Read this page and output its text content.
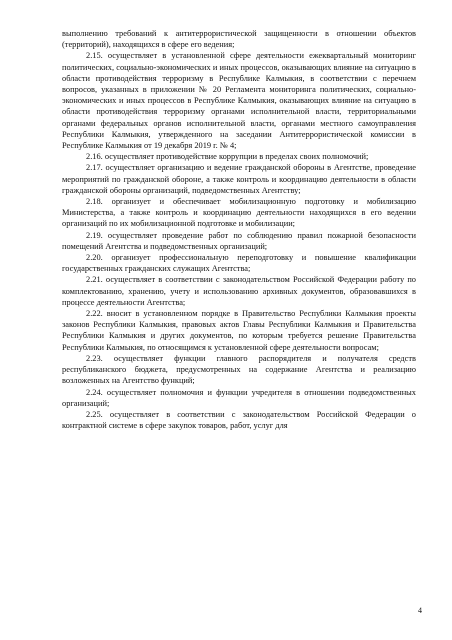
выполнению требований к антитеррористической защищенности в отношении объектов (территорий), находящихся в сфере его ведения;

2.15. осуществляет в установленной сфере деятельности ежеквартальный мониторинг политических, социально-экономических и иных процессов, оказывающих влияние на ситуацию в области противодействия терроризму в Республике Калмыкия, в соответствии с перечнем вопросов, указанных в приложении № 20 Регламента мониторинга политических, социально-экономических и иных процессов в Республике Калмыкия, оказывающих влияние на ситуацию в области противодействия терроризму органами исполнительной власти, территориальными органами федеральных органов исполнительной власти, органами местного самоуправления Республики Калмыкия, утвержденного на заседании Антитеррористической комиссии в Республике Калмыкия от 19 декабря 2019 г. № 4;

2.16. осуществляет противодействие коррупции в пределах своих полномочий;

2.17. осуществляет организацию и ведение гражданской обороны в Агентстве, проведение мероприятий по гражданской обороне, а также контроль и координацию деятельности в области гражданской обороны организаций, подведомственных Агентству;

2.18. организует и обеспечивает мобилизационную подготовку и мобилизацию Министерства, а также контроль и координацию деятельности находящихся в его ведении организаций по их мобилизационной подготовке и мобилизации;

2.19. осуществляет проведение работ по соблюдению правил пожарной безопасности помещений Агентства и подведомственных организаций;

2.20. организует профессиональную переподготовку и повышение квалификации государственных гражданских служащих Агентства;

2.21. осуществляет в соответствии с законодательством Российской Федерации работу по комплектованию, хранению, учету и использованию архивных документов, образовавшихся в процессе деятельности Агентства;

2.22. вносит в установленном порядке в Правительство Республики Калмыкия проекты законов Республики Калмыкия, правовых актов Главы Республики Калмыкия и Правительства Республики Калмыкия и других документов, по которым требуется решение Правительства Республики Калмыкия, по относящимся к установленной сфере деятельности вопросам;

2.23. осуществляет функции главного распорядителя и получателя средств республиканского бюджета, предусмотренных на содержание Агентства и реализацию возложенных на Агентство функций;

2.24. осуществляет полномочия и функции учредителя в отношении подведомственных организаций;

2.25. осуществляет в соответствии с законодательством Российской Федерации о контрактной системе в сфере закупок товаров, работ, услуг для

4
